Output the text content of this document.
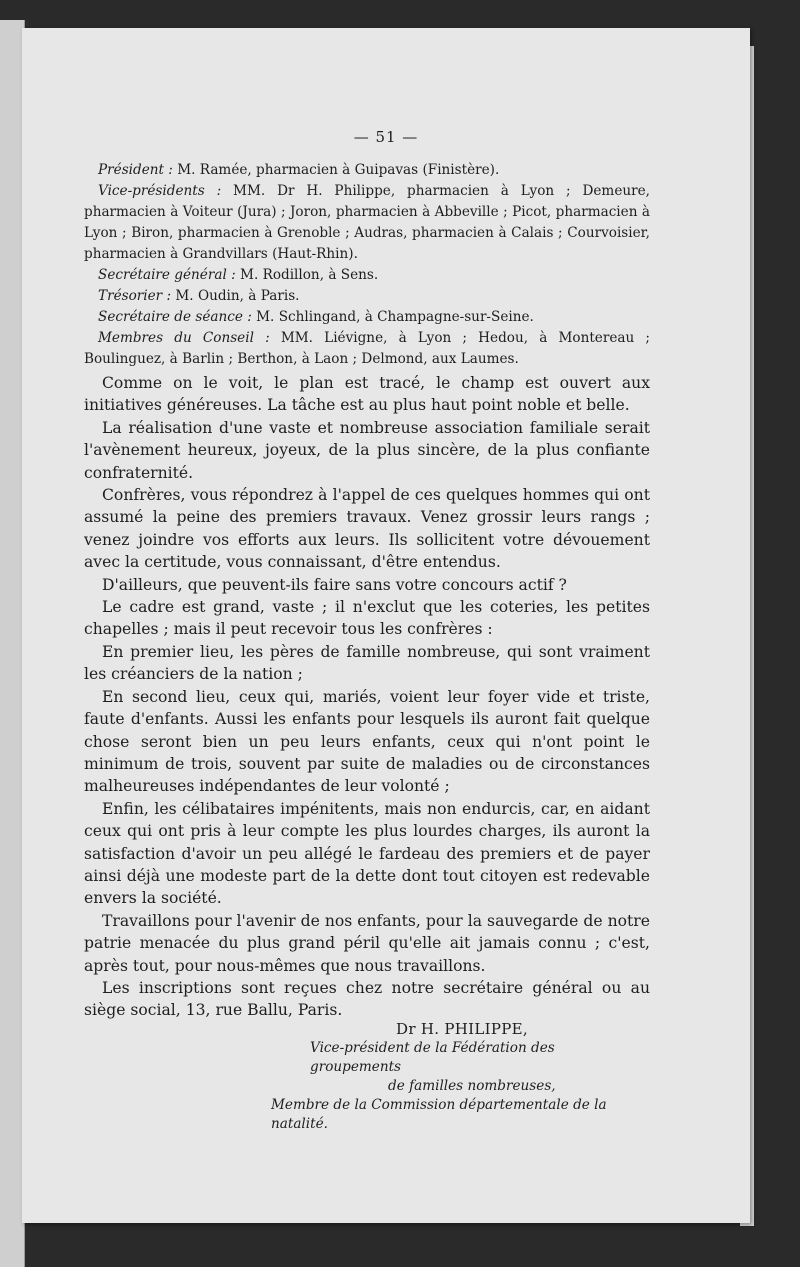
— 51 —

Président : M. Ramée, pharmacien à Guipavas (Finistère).

Vice-présidents : MM. Dr H. Philippe, pharmacien à Lyon ; Demeure, pharmacien à Voiteur (Jura) ; Joron, pharmacien à Abbeville ; Picot, pharmacien à Lyon ; Biron, pharmacien à Grenoble ; Audras, pharmacien à Calais ; Courvoisier, pharmacien à Grandvillars (Haut-Rhin).

Secrétaire général : M. Rodillon, à Sens.

Trésorier : M. Oudin, à Paris.

Secrétaire de séance : M. Schlingand, à Champagne-sur-Seine.

Membres du Conseil : MM. Liévigne, à Lyon ; Hedou, à Montereau ; Boulinguez, à Barlin ; Berthon, à Laon ; Delmond, aux Laumes.

Comme on le voit, le plan est tracé, le champ est ouvert aux initiatives généreuses. La tâche est au plus haut point noble et belle.

La réalisation d'une vaste et nombreuse association familiale serait l'avènement heureux, joyeux, de la plus sincère, de la plus confiante confraternité.

Confrères, vous répondrez à l'appel de ces quelques hommes qui ont assumé la peine des premiers travaux. Venez grossir leurs rangs ; venez joindre vos efforts aux leurs. Ils sollicitent votre dévouement avec la certitude, vous connaissant, d'être entendus.

D'ailleurs, que peuvent-ils faire sans votre concours actif ?

Le cadre est grand, vaste ; il n'exclut que les coteries, les petites chapelles ; mais il peut recevoir tous les confrères :

En premier lieu, les pères de famille nombreuse, qui sont vraiment les créanciers de la nation ;

En second lieu, ceux qui, mariés, voient leur foyer vide et triste, faute d'enfants. Aussi les enfants pour lesquels ils auront fait quelque chose seront bien un peu leurs enfants, ceux qui n'ont point le minimum de trois, souvent par suite de maladies ou de circonstances malheureuses indépendantes de leur volonté ;

Enfin, les célibataires impénitents, mais non endurcis, car, en aidant ceux qui ont pris à leur compte les plus lourdes charges, ils auront la satisfaction d'avoir un peu allégé le fardeau des premiers et de payer ainsi déjà une modeste part de la dette dont tout citoyen est redevable envers la société.

Travaillons pour l'avenir de nos enfants, pour la sauvegarde de notre patrie menacée du plus grand péril qu'elle ait jamais connu ; c'est, après tout, pour nous-mêmes que nous travaillons.

Les inscriptions sont reçues chez notre secrétaire général ou au siège social, 13, rue Ballu, Paris.

Dr H. PHILIPPE,

Vice-président de la Fédération des groupements

de familles nombreuses,

Membre de la Commission départementale de la natalité.
